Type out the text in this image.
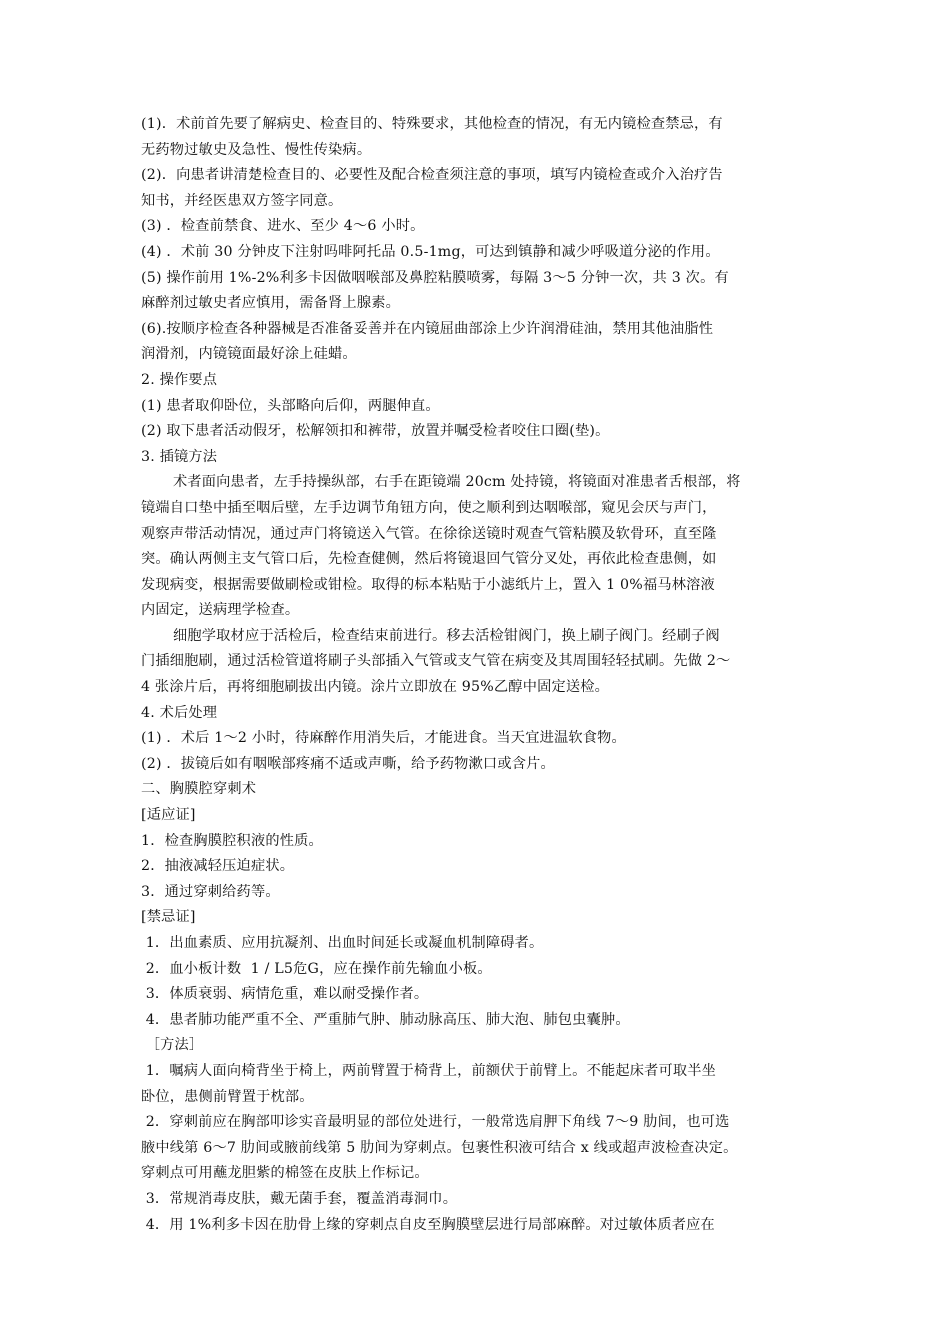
(1)．术前首先要了解病史、检查目的、特殊要求，其他检查的情况，有无内镜检查禁忌，有
无药物过敏史及急性、慢性传染病。
(2)．向患者讲清楚检查目的、必要性及配合检查须注意的事项，填写内镜检查或介入治疗告
知书，并经医患双方签字同意。
(3) ．检查前禁食、进水、至少 4～6 小时。
(4) ．术前 30 分钟皮下注射吗啡阿托品 0.5-1mg，可达到镇静和减少呼吸道分泌的作用。
(5) 操作前用 1%-2%利多卡因做咽喉部及鼻腔粘膜喷雾，每隔 3～5 分钟一次，共 3 次。有
麻醉剂过敏史者应慎用，需备肾上腺素。
(6).按顺序检查各种器械是否准备妥善并在内镜屈曲部涂上少许润滑硅油，禁用其他油脂性
润滑剂，内镜镜面最好涂上硅蜡。
2. 操作要点
(1) 患者取仰卧位，头部略向后仰，两腿伸直。
(2) 取下患者活动假牙，松解领扣和裤带，放置并嘱受检者咬住口圈(垫)。
3. 插镜方法
术者面向患者，左手持操纵部，右手在距镜端 20cm 处持镜，将镜面对准患者舌根部，将
镜端自口垫中插至咽后壁，左手边调节角钮方向，使之顺利到达咽喉部，窥见会厌与声门，
观察声带活动情况，通过声门将镜送入气管。在徐徐送镜时观查气管粘膜及软骨环，直至隆
突。确认两侧主支气管口后，先检查健侧，然后将镜退回气管分叉处，再依此检查患侧，如
发现病变，根据需要做刷检或钳检。取得的标本粘贴于小滤纸片上，置入 1 0%福马林溶液
内固定，送病理学检查。
细胞学取材应于活检后，检查结束前进行。移去活检钳阀门，换上刷子阀门。经刷子阀
门插细胞刷，通过活检管道将刷子头部插入气管或支气管在病变及其周围轻轻拭刷。先做 2～
4 张涂片后，再将细胞刷拔出内镜。涂片立即放在 95%乙醇中固定送检。
4. 术后处理
(1) ．术后 1～2 小时，待麻醉作用消失后，才能进食。当天宜进温软食物。
(2) ．拔镜后如有咽喉部疼痛不适或声嘶，给予药物漱口或含片。
二、胸膜腔穿刺术
[适应证]
1．检查胸膜腔积液的性质。
2．抽液减轻压迫症状。
3．通过穿刺给药等。
[禁忌证]
1．出血素质、应用抗凝剂、出血时间延长或凝血机制障碍者。
2．血小板计数  1 / L5危G，应在操作前先输血小板。
3．体质衰弱、病情危重，难以耐受操作者。
4．患者肺功能严重不全、严重肺气肿、肺动脉高压、肺大泡、肺包虫囊肿。
［方法］
1．嘱病人面向椅背坐于椅上，两前臂置于椅背上，前额伏于前臂上。不能起床者可取半坐
卧位，患侧前臂置于枕部。
2．穿刺前应在胸部叩诊实音最明显的部位处进行，一般常选肩胛下角线 7～9 肋间，也可选
腋中线第 6～7 肋间或腋前线第 5 肋间为穿刺点。包裹性积液可结合 x 线或超声波检查决定。
穿刺点可用蘸龙胆紫的棉签在皮肤上作标记。
3．常规消毒皮肤，戴无菌手套，覆盖消毒洞巾。
4．用 1%利多卡因在肋骨上缘的穿刺点自皮至胸膜壁层进行局部麻醉。对过敏体质者应在
